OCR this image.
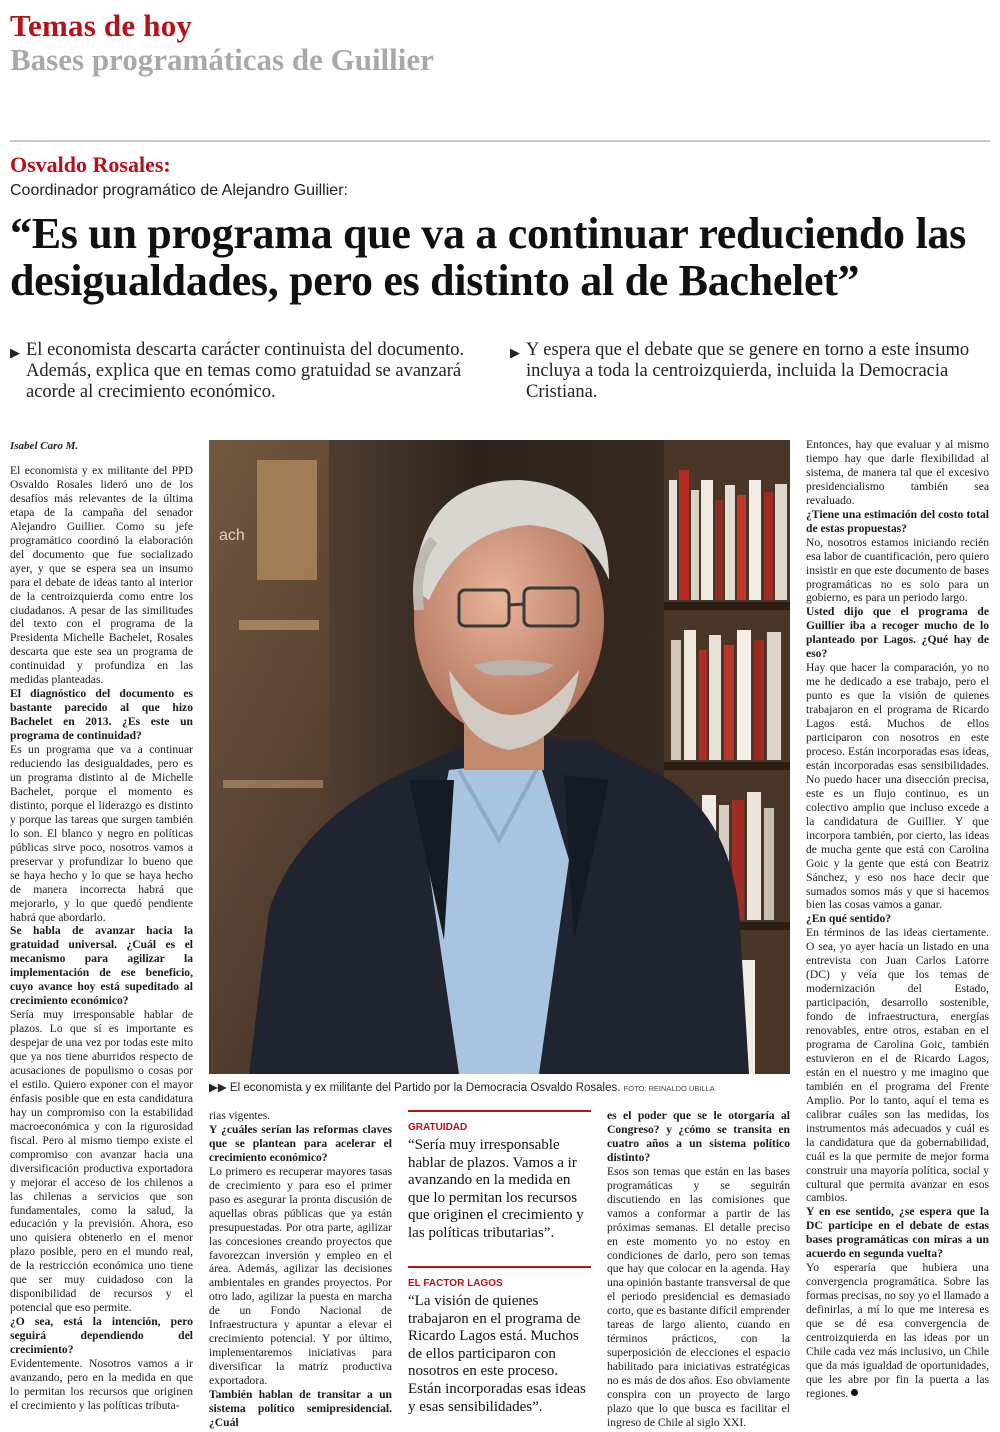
Temas de hoy
Bases programáticas de Guillier
Osvaldo Rosales:
Coordinador programático de Alejandro Guillier:
“Es un programa que va a continuar reduciendo las desigualdades, pero es distinto al de Bachelet”
▶ El economista descarta carácter continuista del documento. Además, explica que en temas como gratuidad se avanzará acorde al crecimiento económico.
▶ Y espera que el debate que se genere en torno a este insumo incluya a toda la centroizquierda, incluida la Democracia Cristiana.
Isabel Caro M.

El economista y ex militante del PPD Osvaldo Rosales lideró uno de los desafíos más relevantes de la última etapa de la campaña del senador Alejandro Guillier. Como su jefe programático coordinó la elaboración del documento que fue socializado ayer, y que se espera sea un insumo para el debate de ideas tanto al interior de la centroizquierda como entre los ciudadanos. A pesar de las similitudes del texto con el programa de la Presidenta Michelle Bachelet, Rosales descarta que este sea un programa de continuidad y profundiza en las medidas planteadas.

El diagnóstico del documento es bastante parecido al que hizo Bachelet en 2013. ¿Es este un programa de continuidad?

Es un programa que va a continuar reduciendo las desigualdades, pero es un programa distinto al de Michelle Bachelet, porque el momento es distinto, porque el liderazgo es distinto y porque las tareas que surgen también lo son. El blanco y negro en políticas públicas sirve poco, nosotros vamos a preservar y profundizar lo bueno que se haya hecho y lo que se haya hecho de manera incorrecta habrá que mejorarlo, y lo que quedó pendiente habrá que abordarlo.

Se habla de avanzar hacia la gratuidad universal. ¿Cuál es el mecanismo para agilizar la implementación de ese beneficio, cuyo avance hoy está supeditado al crecimiento económico?

Sería muy irresponsable hablar de plazos. Lo que sí es importante es despejar de una vez por todas este mito que ya nos tiene aburridos respecto de acusaciones de populismo o cosas por el estilo. Quiero exponer con el mayor énfasis posible que en esta candidatura hay un compromiso con la estabilidad macroeconómica y con la rigurosidad fiscal. Pero al mismo tiempo existe el compromiso con avanzar hacia una diversificación productiva exportadora y mejorar el acceso de los chilenos a las chilenas a servicios que son fundamentales, como la salud, la educación y la previsión. Ahora, eso uno quisiera obtenerlo en el menor plazo posible, pero en el mundo real, de la restricción económica uno tiene que ser muy cuidadoso con la disponibilidad de recursos y el potencial que eso permite.

¿O sea, está la intención, pero seguirá dependiendo del crecimiento?

Evidentemente. Nosotros vamos a ir avanzando, pero en la medida en que lo permitan los recursos que originen el crecimiento y las políticas tributa-

ach
▶▶ El economista y ex militante del Partido por la Democracia Osvaldo Rosales. FOTO: REINALDO UBILLA

rias vigentes.

Y ¿cuáles serían las reformas claves que se plantean para acelerar el crecimiento económico?

Lo primero es recuperar mayores tasas de crecimiento y para eso el primer paso es asegurar la pronta discusión de aquellas obras públicas que ya están presupuestadas. Por otra parte, agilizar las concesiones creando proyectos que favorezcan inversión y empleo en el área. Además, agilizar las decisiones ambientales en grandes proyectos. Por otro lado, agilizar la puesta en marcha de un Fondo Nacional de Infraestructura y apuntar a elevar el crecimiento potencial. Y por último, implementaremos iniciativas para diversificar la matriz productiva exportadora.

También hablan de transitar a un sistema político semipresidencial. ¿Cuál

GRATUIDAD
“Sería muy irresponsable hablar de plazos. Vamos a ir avanzando en la medida en que lo permitan los recursos que originen el crecimiento y las políticas tributarias”.
EL FACTOR LAGOS
“La visión de quienes trabajaron en el programa de Ricardo Lagos está. Muchos de ellos participaron con nosotros en este proceso. Están incorporadas esas ideas y esas sensibilidades”.

es el poder que se le otorgaría al Congreso? y ¿cómo se transita en cuatro años a un sistema político distinto?

Esos son temas que están en las bases programáticas y se seguirán discutiendo en las comisiones que vamos a conformar a partir de las próximas semanas. El detalle preciso en este momento yo no estoy en condiciones de darlo, pero son temas que hay que colocar en la agenda. Hay una opinión bastante transversal de que el periodo presidencial es demasiado corto, que es bastante difícil emprender tareas de largo aliento, cuando en términos prácticos, con la superposición de elecciones el espacio habilitado para iniciativas estratégicas no es más de dos años. Eso obviamente conspira con un proyecto de largo plazo que lo que busca es facilitar el ingreso de Chile al siglo XXI.

Entonces, hay que evaluar y al mismo tiempo hay que darle flexibilidad al sistema, de manera tal que el excesivo presidencialismo también sea revaluado.

¿Tiene una estimación del costo total de estas propuestas?

No, nosotros estamos iniciando recién esa labor de cuantificación, pero quiero insistir en que este documento de bases programáticas no es solo para un gobierno, es para un periodo largo.

Usted dijo que el programa de Guillier iba a recoger mucho de lo planteado por Lagos. ¿Qué hay de eso?

Hay que hacer la comparación, yo no me he dedicado a ese trabajo, pero el punto es que la visión de quienes trabajaron en el programa de Ricardo Lagos está. Muchos de ellos participaron con nosotros en este proceso. Están incorporadas esas ideas, están incorporadas esas sensibilidades. No puedo hacer una disección precisa, este es un flujo continuo, es un colectivo amplio que incluso excede a la candidatura de Guillier. Y que incorpora también, por cierto, las ideas de mucha gente que está con Carolina Goic y la gente que está con Beatriz Sánchez, y eso nos hace decir que sumados somos más y que si hacemos bien las cosas vamos a ganar.

¿En qué sentido?

En términos de las ideas ciertamente. O sea, yo ayer hacía un listado en una entrevista con Juan Carlos Latorre (DC) y veía que los temas de modernización del Estado, participación, desarrollo sostenible, fondo de infraestructura, energías renovables, entre otros, estaban en el programa de Carolina Goic, también estuvieron en el de Ricardo Lagos, están en el nuestro y me imagino que también en el programa del Frente Amplio. Por lo tanto, aquí el tema es calibrar cuáles son las medidas, los instrumentos más adecuados y cuál es la candidatura que da gobernabilidad, cuál es la que permite de mejor forma construir una mayoría política, social y cultural que permita avanzar en esos cambios.

Y en ese sentido, ¿se espera que la DC participe en el debate de estas bases programáticas con miras a un acuerdo en segunda vuelta?

Yo esperaría que hubiera una convergencia programática. Sobre las formas precisas, no soy yo el llamado a definirlas, a mí lo que me interesa es que se dé esa convergencia de centroizquierda en las ideas por un Chile cada vez más inclusivo, un Chile que da más igualdad de oportunidades, que les abre por fin la puerta a las regiones.
